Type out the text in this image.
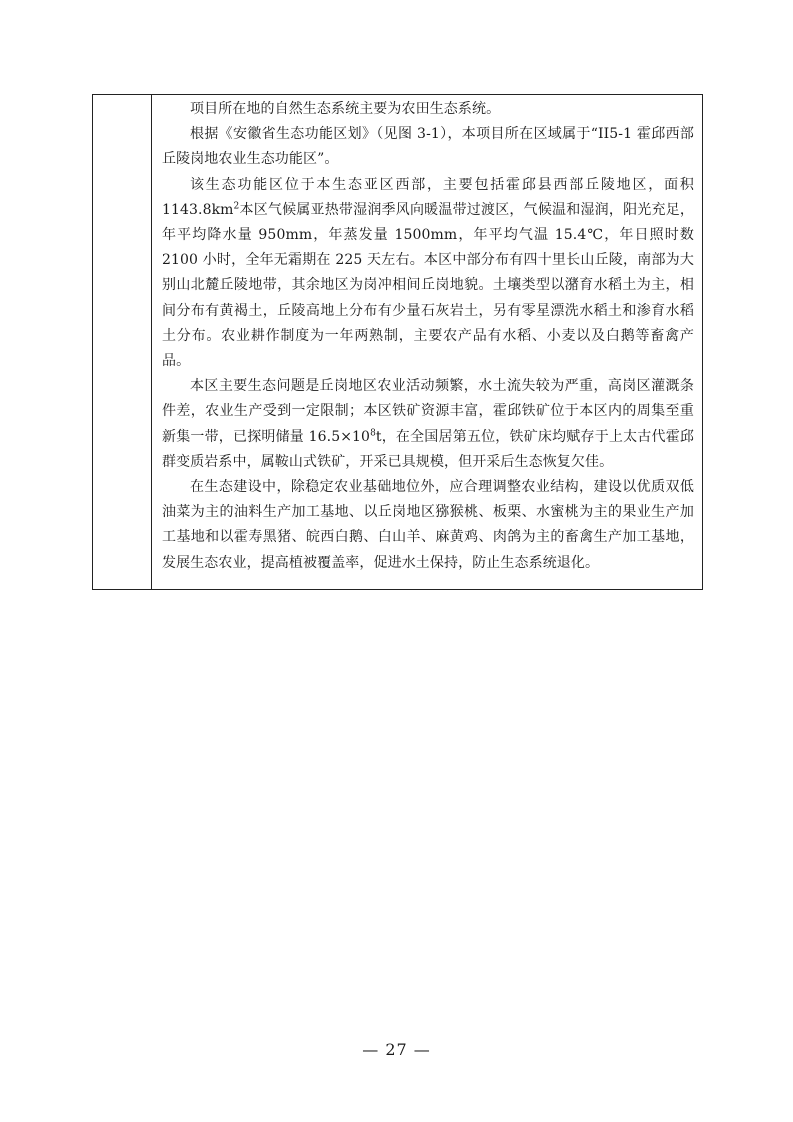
项目所在地的自然生态系统主要为农田生态系统。

根据《安徽省生态功能区划》（见图 3-1），本项目所在区域属于“II5-1 霍邱西部丘陵岗地农业生态功能区”。

该生态功能区位于本生态亚区西部，主要包括霍邱县西部丘陵地区，面积 $1143.8km^2$本区气候属亚热带湿润季风向暖温带过渡区，气候温和湿润，阳光充足，年平均降水量 950mm，年蒸发量 1500mm，年平均气温 15.4℃，年日照时数 2100 小时，全年无霜期在 225 天左右。本区中部分布有四十里长山丘陵，南部为大别山北麓丘陵地带，其余地区为岗冲相间丘岗地貌。土壤类型以潴育水稻土为主，相间分布有黄褐土，丘陵高地上分布有少量石灰岩土，另有零星漂洗水稻土和渗育水稻土分布。农业耕作制度为一年两熟制，主要农产品有水稻、小麦以及白鹅等畜禽产品。

本区主要生态问题是丘岗地区农业活动频繁，水土流失较为严重，高岗区灌溉条件差，农业生产受到一定限制；本区铁矿资源丰富，霍邱铁矿位于本区内的周集至重新集一带，已探明储量 $16.5\times 10^8t$，在全国居第五位，铁矿床均赋存于上太古代霍邱群变质岩系中，属鞍山式铁矿，开采已具规模，但开采后生态恢复欠佳。

在生态建设中，除稳定农业基础地位外，应合理调整农业结构，建设以优质双低油菜为主的油料生产加工基地、以丘岗地区猕猴桃、板栗、水蜜桃为主的果业生产加工基地和以霍寿黑猪、皖西白鹅、白山羊、麻黄鸡、肉鸽为主的畜禽生产加工基地，发展生态农业，提高植被覆盖率，促进水土保持，防止生态系统退化。

— 27 —
